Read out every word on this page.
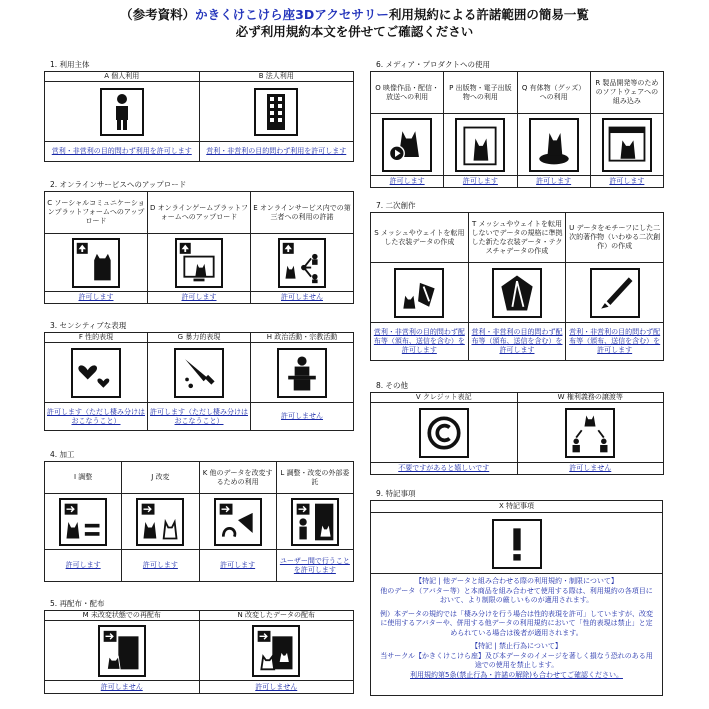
（参考資料）かきくけこけら座3Dアクセサリー利用規約による許諾範囲の簡易一覧
必ず利用規約本文を併せてご確認ください
1. 利用主体
A 個人利用	B 法人利用

営利・非営利の目的問わず利用を許可します	営利・非営利の目的問わず利用を許可します
2. オンラインサービスへのアップロード
C ソーシャルコミュニケーションプラットフォームへのアップロード	D オンラインゲームプラットフォームへのアップロード	E オンラインサービス内での第三者への利用の許諾

許可します	許可します	許可しません
3. センシティブな表現
F 性的表現	G 暴力的表現	H 政治活動・宗教活動

許可します（ただし棲み分けはおこなうこと）	許可します（ただし棲み分けはおこなうこと）	許可しません
4. 加工
I 調整	J 改変	K 他のデータを改変するための利用	L 調整・改変の外部委託

許可します	許可します	許可します	ユーザー間で行うことを許可します
5. 再配布・配布
M 未改変状態での再配布	N 改変したデータの配布

許可しません	許可しません
6. メディア・プロダクトへの使用
O 映像作品・配信・放送への利用	P 出版物・電子出版物への利用	Q 有体物（グッズ）への利用	R 製品開発等のためのソフトウェアへの組み込み

許可します	許可します	許可します	許可します
7. 二次創作
S メッシュやウェイトを転用した衣装データの作成	T メッシュやウェイトを転用しないでデータの規格に準拠した新たな衣装データ・テクスチャデータの作成	U データをモチーフにした二次的著作物（いわゆる二次創作）の作成

営利・非営利の目的問わず配布等（頒布、送信を含む）を許可します	営利・非営利の目的問わず配布等（頒布、送信を含む）を許可します	営利・非営利の目的問わず配布等（頒布、送信を含む）を許可します
8. その他
V クレジット表記	W 権利義務の譲渡等

不要ですがあると嬉しいです	許可しません
9. 特記事項
X 特記事項
【特記 | 他データと組み合わせる際の利用規約・制限について】
他のデータ（アバター等）と本商品を組み合わせて使用する際は、利用規約の各項目において、より制限の厳しいものが適用されます。
例）本データの規約では「棲み分けを行う場合は性的表現を許可」していますが、改変に使用するアバターや、併用する他データの利用規約において「性的表現は禁止」と定められている場合は後者が適用されます。
【特記 | 禁止行為について】
当サークル【かきくけこけら座】及び本データのイメージを著しく損なう恐れのある用途での使用を禁止します。
利用規約第5条(禁止行為・許諾の解除)も合わせてご確認ください。
